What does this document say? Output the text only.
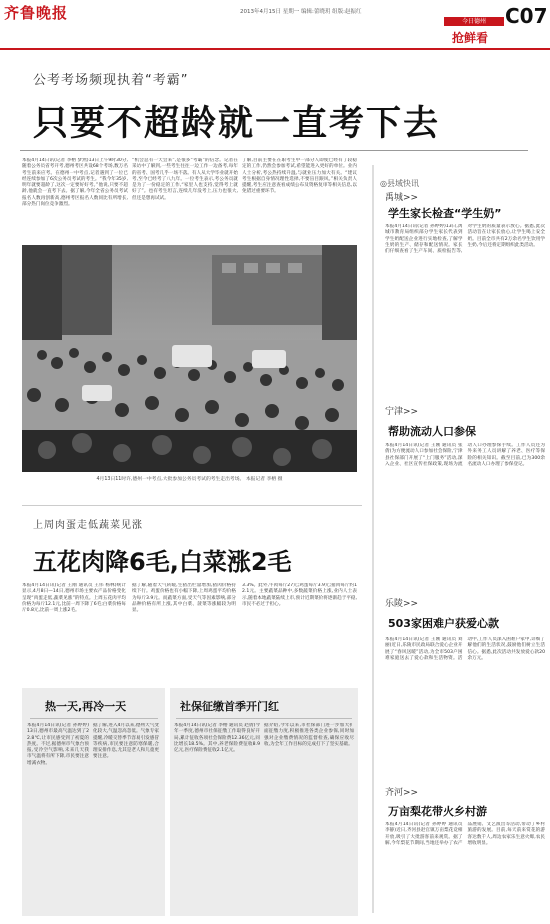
齐鲁晚报	2013年4月15日 星期一 编辑:蕾晓玥 组版:赵振红
今日德州
抢鲜看
C07
公考考场频现执着“考霸”
只要不超龄就一直考下去
本报4月14日讯(记者 李榕 梦然)13日上午9时30分,随着公务员省考开考,德州考区共设68个考场,数万名考生前来应考。在德州一中考点,记者遇到了一位已经连续参加了6次公务员考试的考生。“我今年35岁,明年就要超龄了,这次一定要好好考。”他说,只要不超龄,他就会一直考下去。据了解,今年全省公务员考试报名人数再创新高,德州考区报名人数同比有所增长,部分热门岗位竞争激烈。
“机会总有一天会来”,是很多“考霸”的信念。记者在采访中了解到,一些考生往往一边工作一边备考,每年的省考、国考几乎一场不落。有人从大学毕业就开始考,至今已经考了八九年。一位考生表示,考公务员就是为了一份稳定的工作,“家里人也支持,觉得考上就好了”。也有考生坦言,连续几年没考上,压力也很大,但还是想再试试。
了解,目前主要在在职考生中一部分人即使已经有了较稳定的工作,仍然会参加考试,希望能进入更好的单位。业内人士分析,考公热持续升温,与就业压力加大有关。“建议考生根据自身情况理性选择,不要盲目跟风。”相关负责人提醒,考生应注意查看成绩公布及资格复审等相关信息,以免错过重要环节。
4月13日11时许,德州一中考点,大批参加公务员考试的考生走出考场。 本报记者 李榕 摄
◎县域快讯
禹城>>
学生家长检查“学生奶”
本报4月14日讯(记者 孙婷婷)13日,禹城市教育局组织部分学生家长代表到学生奶配送企业进行实地检查,了解学生奶的生产、储存和配送情况。家长们仔细查看了生产车间、质检报告等,对学生奶的质量表示放心。据悉,此次活动旨在让家长放心,让学生喝上安全奶。目前全市共有2万余名学生饮用学生奶,今后还将定期组织此类活动。
宁津>>
帮助流动人口参保
本报4月14日讯(记者 王刚 通讯员 张倩)为方便流动人口参加社会保险,宁津县社保部门开展了“上门服务”活动,深入企业、社区宣传社保政策,现场为流动人口办理参保手续。工作人员还为外来务工人员讲解了养老、医疗等保险的相关知识。截至目前,已为300余名流动人口办理了参保登记。
乐陵>>
503家困难户获爱心款
本报4月14日讯(记者 王刚 通讯员 刘丽)近日,乐陵市民政局联合爱心企业开展了“春风送暖”活动,为全市503户困难家庭送去了爱心款和生活物资。活动中,工作人员深入困难户家中,详细了解他们的生活状况,鼓励他们树立生活信心。据悉,此次活动共发放爱心款20余万元。
齐河>>
万亩梨花带火乡村游
本报4月14日讯(记者 孙婷婷 通讯员 李静)近日,齐河县赵官镇万亩梨花竞相开放,吸引了大批游客前来观赏。据了解,今年梨花节期间,当地还举办了农产品展销、文艺演出等活动,带动了乡村旅游的发展。目前,每天前来赏花的游客达数千人,周边农家乐生意火爆,农民增收明显。
上周肉蛋走低蔬菜见涨
五花肉降6毛,白菜涨2毛
本报4月14日讯(记者 王刚 通讯员 王伟 杨林)统计显示,4月8日—14日,德州市场主要农产品价格变化呈现“肉蛋走低,蔬菜见涨”的特点。上周五花肉平均价格为每斤12.1元,比前一周下降了6毛;白菜价格每斤0.8元,比前一周上涨2毛。
据了解,随着天气转暖,生猪出栏量增加,猪肉价格持续下行。鸡蛋价格也有小幅下降,上周鸡蛋平均价格为每斤3.9元。而蔬菜方面,受天气等因素影响,部分品种价格有所上涨,其中白菜、菠菜等涨幅较为明显。
3.3%。此外,牛肉每斤27元;鸡蛋每斤3.9元;猪肉每斤约12.1元。主要蔬菜品种中,多数蔬菜价格上涨,业内人士表示,随着本地蔬菜陆续上市,预计近期菜价将逐渐趋于平稳,市民不必过于担心。
热一天,再冷一天
本报4月14日讯(记者 孙婷婷)13日,德州市最高气温达到了22.8℃,让市民感受到了初夏的热度。不过,据德州市气象台预报,受冷空气影响,未来几天我市气温将有所下降,市民要注意增减衣物。
据了解,进入4月以来,德州天气变化较大,气温忽高忽低。气象专家提醒,冷暖交替季节容易引发感冒等疾病,市民要注意防寒保暖,合理安排作息,尤其是老人和儿童更要注意。
社保征缴首季开门红
本报4月14日讯(记者 李榕 通讯员 赵倩)今年一季度,德州市社保征缴工作取得良好开局,累计征收各项社会保险费12.36亿元,同比增长18.5%。其中,养老保险费征收8.9亿元,医疗保险费征收2.1亿元。
据介绍,今年以来,市社保部门进一步加大扩面征缴力度,积极推进各类企业参保,同时加强对企业缴费情况的监督检查,确保应收尽收,为全年工作目标的完成打下了坚实基础。
